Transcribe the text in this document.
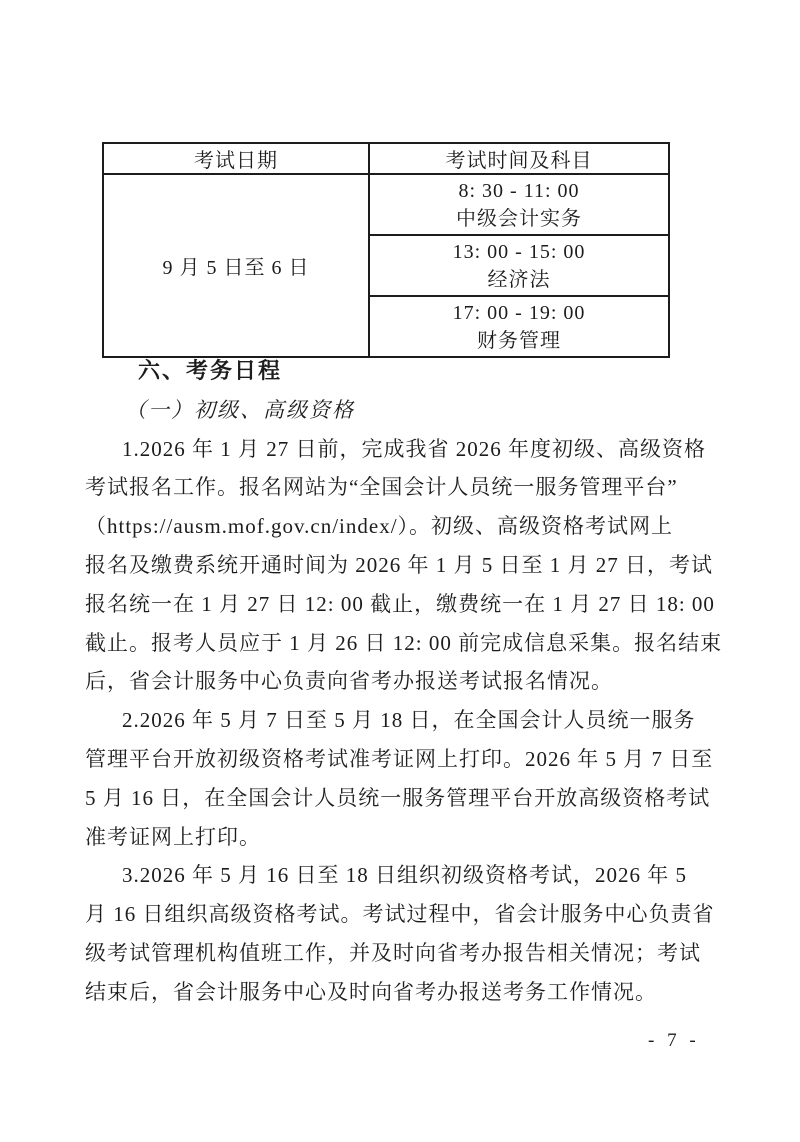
考试日期	考试时间及科目
9 月 5 日至 6 日	8: 30 - 11: 00
中级会计实务

	13: 00 - 15: 00
经济法

	17: 00 - 19: 00
财务管理
六、考务日程
（一）初级、高级资格
1.2026 年 1 月 27 日前，完成我省 2026 年度初级、高级资格
考试报名工作。报名网站为“全国会计人员统一服务管理平台”
（https://ausm.mof.gov.cn/index/）。初级、高级资格考试网上
报名及缴费系统开通时间为 2026 年 1 月 5 日至 1 月 27 日，考试
报名统一在 1 月 27 日 12: 00 截止，缴费统一在 1 月 27 日 18: 00
截止。报考人员应于 1 月 26 日 12: 00 前完成信息采集。报名结束
后，省会计服务中心负责向省考办报送考试报名情况。
2.2026 年 5 月 7 日至 5 月 18 日，在全国会计人员统一服务
管理平台开放初级资格考试准考证网上打印。2026 年 5 月 7 日至
5 月 16 日，在全国会计人员统一服务管理平台开放高级资格考试
准考证网上打印。
3.2026 年 5 月 16 日至 18 日组织初级资格考试，2026 年 5
月 16 日组织高级资格考试。考试过程中，省会计服务中心负责省
级考试管理机构值班工作，并及时向省考办报告相关情况；考试
结束后，省会计服务中心及时向省考办报送考务工作情况。
- 7 -
